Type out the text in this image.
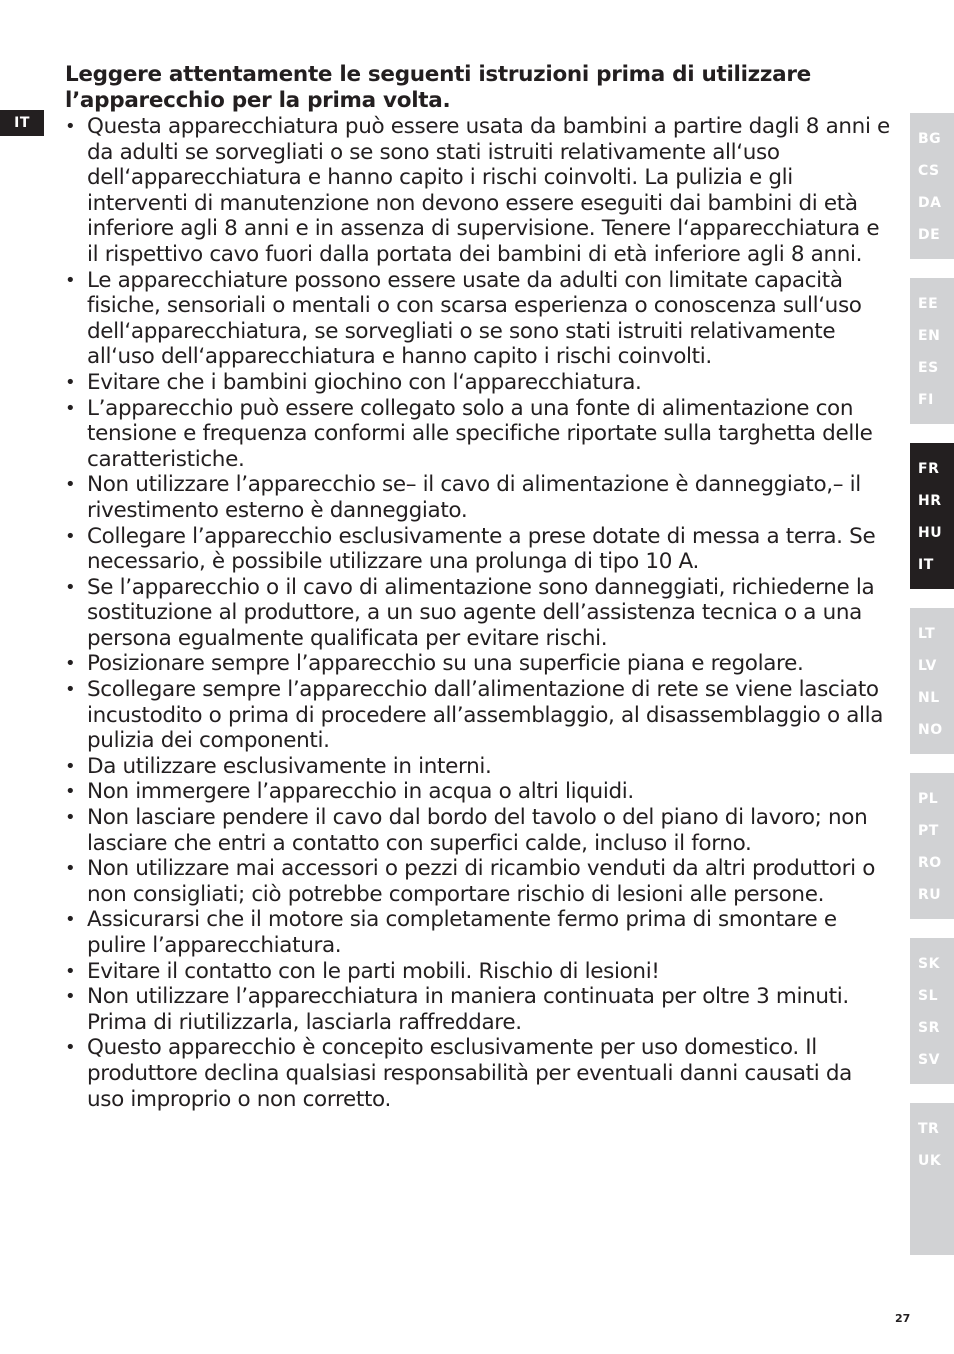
IT
Leggere attentamente le seguenti istruzioni prima di utilizzare l’apparecchio per la prima volta.
• Questa apparecchiatura può essere usata da bambini a partire dagli 8 anni e da adulti se sorvegliati o se sono stati istruiti relativamente all‘uso dell‘apparecchiatura e hanno capito i rischi coinvolti. La pulizia e gli interventi di manutenzione non devono essere eseguiti dai bambini di età inferiore agli 8 anni e in assenza di supervisione. Tenere l‘apparecchiatura e il rispettivo cavo fuori dalla portata dei bambini di età inferiore agli 8 anni.
• Le apparecchiature possono essere usate da adulti con limitate capacità fisiche, sensoriali o mentali o con scarsa esperienza o conoscenza sull‘uso dell‘apparecchiatura, se sorvegliati o se sono stati istruiti relativamente all‘uso dell‘apparecchiatura e hanno capito i rischi coinvolti.
• Evitare che i bambini giochino con l‘apparecchiatura.
• L’apparecchio può essere collegato solo a una fonte di alimentazione con tensione e frequenza conformi alle specifiche riportate sulla targhetta delle caratteristiche.
• Non utilizzare l’apparecchio se– il cavo di alimentazione è danneggiato,– il rivestimento esterno è danneggiato.
• Collegare l’apparecchio esclusivamente a prese dotate di messa a terra. Se necessario, è possibile utilizzare una prolunga di tipo 10 A.
• Se l’apparecchio o il cavo di alimentazione sono danneggiati, richiederne la sostituzione al produttore, a un suo agente dell’assistenza tecnica o a una persona egualmente qualificata per evitare rischi.
• Posizionare sempre l’apparecchio su una superficie piana e regolare.
• Scollegare sempre l’apparecchio dall’alimentazione di rete se viene lasciato incustodito o prima di procedere all’assemblaggio, al disassemblaggio o alla pulizia dei componenti.
• Da utilizzare esclusivamente in interni.
• Non immergere l’apparecchio in acqua o altri liquidi.
• Non lasciare pendere il cavo dal bordo del tavolo o del piano di lavoro; non lasciare che entri a contatto con superfici calde, incluso il forno.
• Non utilizzare mai accessori o pezzi di ricambio venduti da altri produttori o non consigliati; ciò potrebbe comportare rischio di lesioni alle persone.
• Assicurarsi che il motore sia completamente fermo prima di smontare e pulire l’apparecchiatura.
• Evitare il contatto con le parti mobili. Rischio di lesioni!
• Non utilizzare l’apparecchiatura in maniera continuata per oltre 3 minuti. Prima di riutilizzarla, lasciarla raffreddare.
• Questo apparecchio è concepito esclusivamente per uso domestico. Il produttore declina qualsiasi responsabilità per eventuali danni causati da uso improprio o non corretto.
BG
CS
DA
DE
EE
EN
ES
FI
FR
HR
HU
IT
LT
LV
NL
NO
PL
PT
RO
RU
SK
SL
SR
SV
TR
UK
27
